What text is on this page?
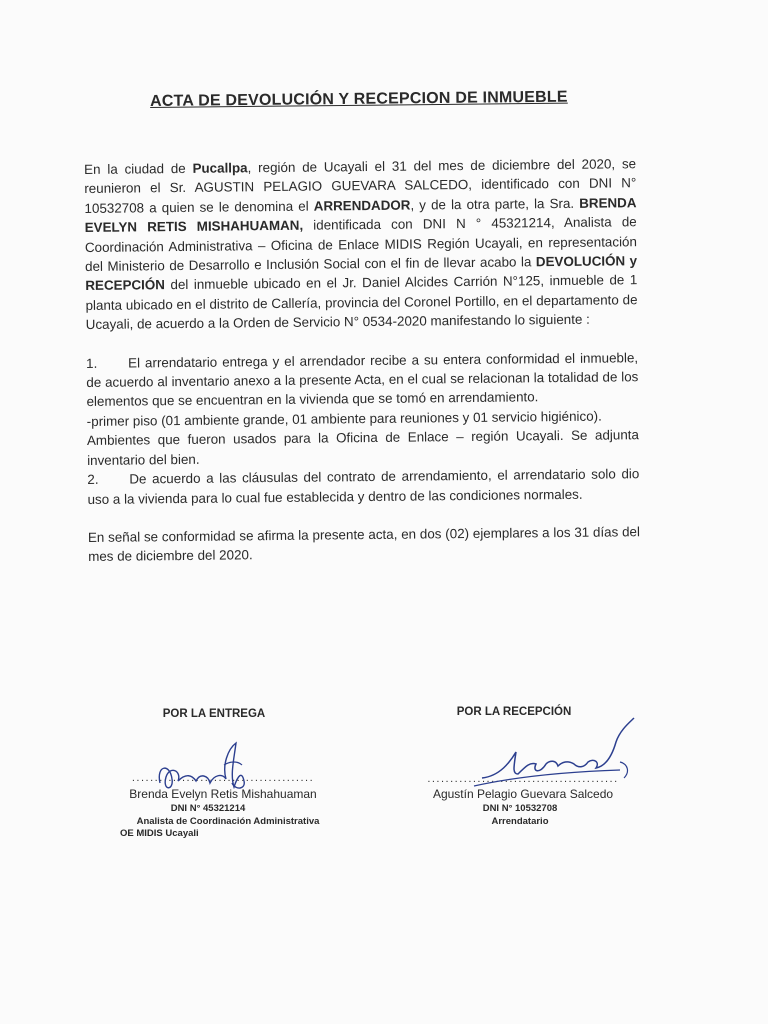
ACTA DE DEVOLUCIÓN Y RECEPCION DE INMUEBLE

En la ciudad de Pucallpa, región de Ucayali el 31 del mes de diciembre del 2020, se reunieron el Sr. AGUSTIN PELAGIO GUEVARA SALCEDO, identificado con DNI N° 10532708 a quien se le denomina el ARRENDADOR, y de la otra parte, la Sra. BRENDA EVELYN RETIS MISHAHUAMAN, identificada con DNI N ° 45321214, Analista de Coordinación Administrativa – Oficina de Enlace MIDIS Región Ucayali, en representación del Ministerio de Desarrollo e Inclusión Social con el fin de llevar acabo la DEVOLUCIÓN y RECEPCIÓN del inmueble ubicado en el Jr. Daniel Alcides Carrión N°125, inmueble de 1 planta ubicado en el distrito de Callería, provincia del Coronel Portillo, en el departamento de Ucayali, de acuerdo a la Orden de Servicio N° 0534-2020 manifestando lo siguiente :

1. El arrendatario entrega y el arrendador recibe a su entera conformidad el inmueble, de acuerdo al inventario anexo a la presente Acta, en el cual se relacionan la totalidad de los elementos que se encuentran en la vivienda que se tomó en arrendamiento.

-primer piso (01 ambiente grande, 01 ambiente para reuniones y 01 servicio higiénico).

Ambientes que fueron usados para la Oficina de Enlace – región Ucayali. Se adjunta inventario del bien.

2. De acuerdo a las cláusulas del contrato de arrendamiento, el arrendatario solo dio uso a la vivienda para lo cual fue establecida y dentro de las condiciones normales.

En señal se conformidad se afirma la presente acta, en dos (02) ejemplares a los 31 días del mes de diciembre del 2020.

POR LA ENTREGA
........................................
Brenda Evelyn Retis Mishahuaman
DNI N° 45321214
Analista de Coordinación Administrativa
OE MIDIS Ucayali
POR LA RECEPCIÓN
..........................................
Agustín Pelagio Guevara Salcedo
DNI N° 10532708
Arrendatario
